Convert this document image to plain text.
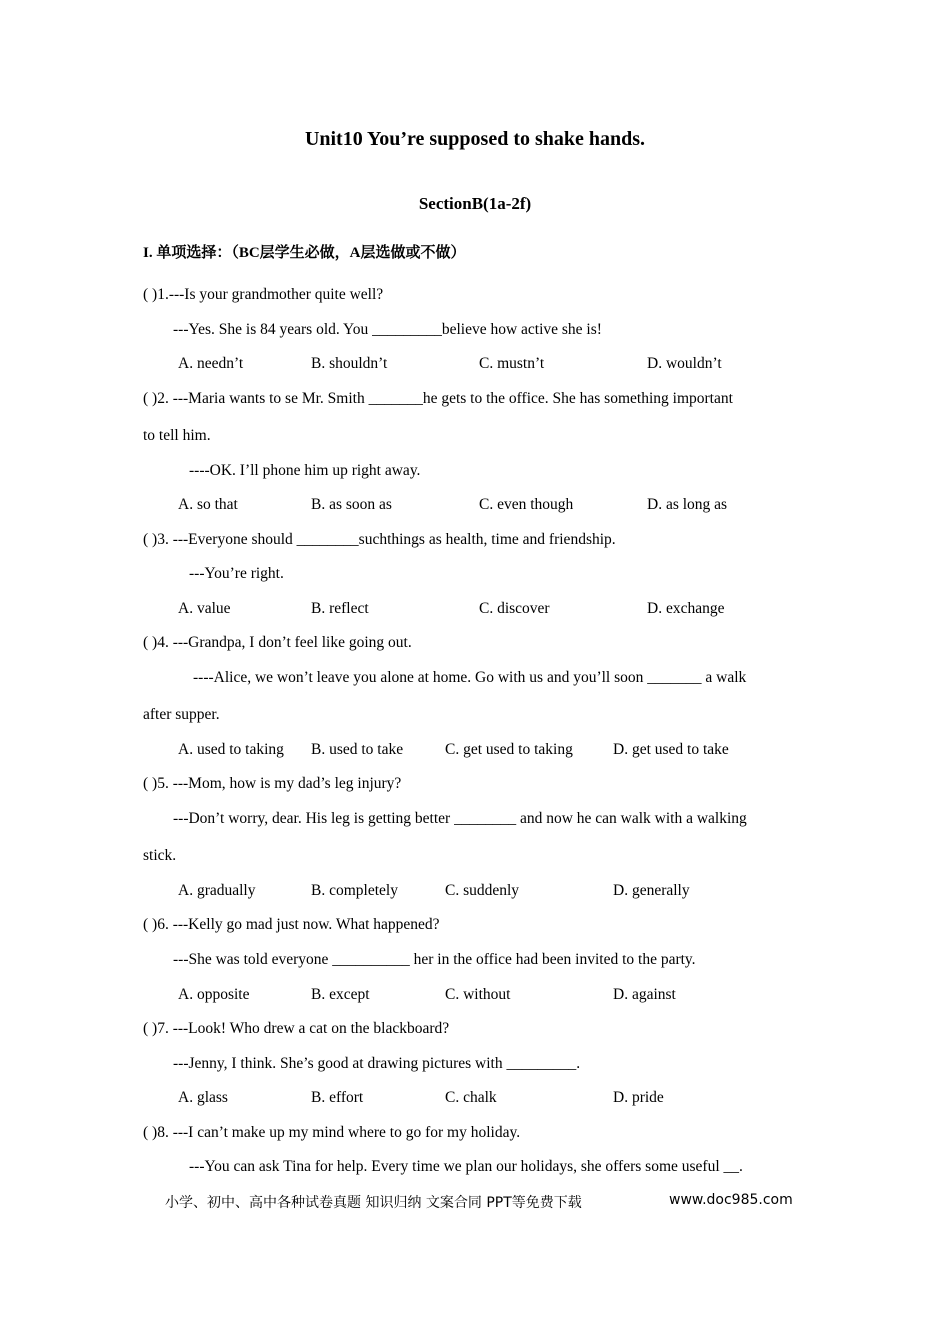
Unit10 You’re supposed to shake hands.
SectionB(1a-2f)
I. 单项选择：（BC层学生必做，A层选做或不做）
( )1.---Is your grandmother quite well?
---Yes. She is 84 years old. You _________believe how active she is!
A. needn’t	B. shouldn’t	C. mustn’t	D. wouldn’t
( )2. ---Maria wants to se Mr. Smith _______he gets to the office. She has something important
to tell him.
----OK. I’ll phone him up right away.
A. so that	B. as soon as	C. even though	D. as long as
( )3. ---Everyone should ________suchthings as health, time and friendship.
---You’re right.
A. value	B. reflect	C. discover	D. exchange
( )4. ---Grandpa, I don’t feel like going out.
----Alice, we won’t leave you alone at home. Go with us and you’ll soon _______ a walk
after supper.
A. used to taking B. used to take	C. get used to taking	D. get used to take
( )5. ---Mom, how is my dad’s leg injury?
---Don’t worry, dear. His leg is getting better ________ and now he can walk with a walking
stick.
A. gradually	B. completely	C. suddenly	D. generally
( )6. ---Kelly go mad just now. What happened?
---She was told everyone __________ her in the office had been invited to the party.
A. opposite	B. except	C. without	D. against
( )7. ---Look! Who drew a cat on the blackboard?
---Jenny, I think. She’s good at drawing pictures with _________.
A. glass	B. effort	C. chalk	D. pride
( )8. ---I can’t make up my mind where to go for my holiday.
---You can ask Tina for help. Every time we plan our holidays, she offers some useful __.
小学、初中、高中各种试卷真题 知识归纳 文案合同 PPT等免费下载	www.doc985.com
